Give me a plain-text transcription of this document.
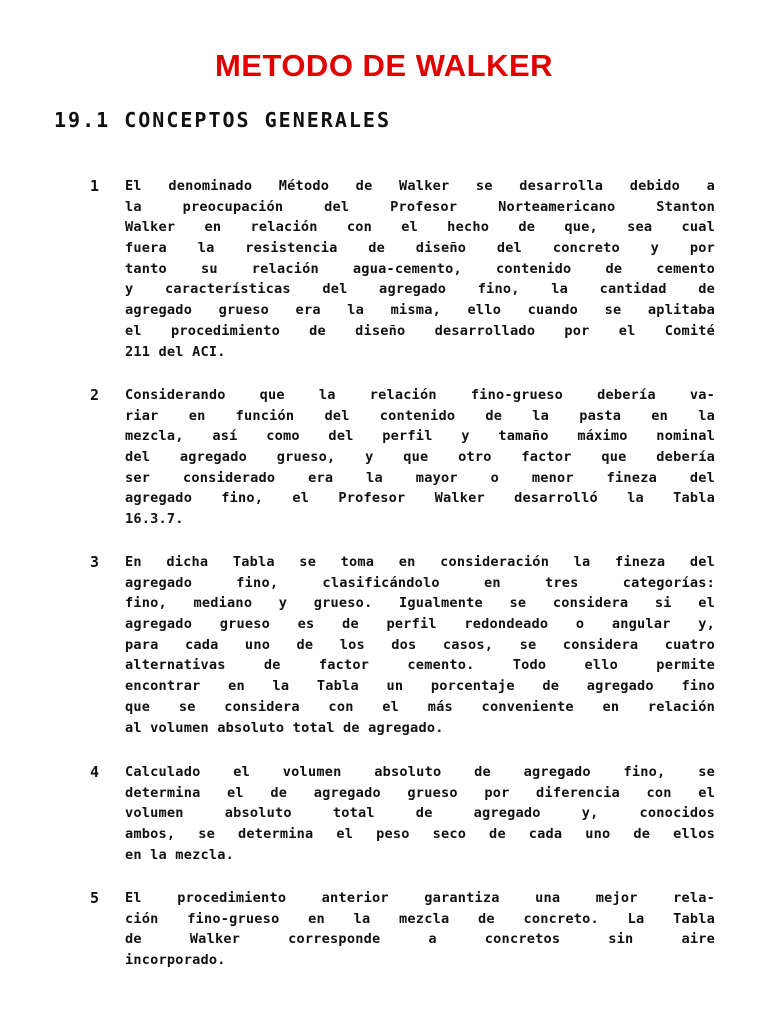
METODO DE WALKER
19.1 CONCEPTOS GENERALES
1 El denominado Método de Walker se desarrolla debido a
la preocupación del Profesor Norteamericano Stanton
Walker en relación con el hecho de que, sea cual
fuera la resistencia de diseño del concreto y por
tanto su relación agua-cemento, contenido de cemento
y características del agregado fino, la cantidad de
agregado grueso era la misma, ello cuando se aplitaba
el procedimiento de diseño desarrollado por el Comité
211 del ACI.
2 Considerando que la relación fino-grueso debería va-
riar en función del contenido de la pasta en la
mezcla, así como del perfil y tamaño máximo nominal
del agregado grueso, y que otro factor que debería
ser considerado era la mayor o menor fineza del
agregado fino, el Profesor Walker desarrolló la Tabla
16.3.7.
3 En dicha Tabla se toma en consideración la fineza del
agregado fino, clasificándolo en tres categorías:
fino, mediano y grueso. Igualmente se considera si el
agregado grueso es de perfil redondeado o angular y,
para cada uno de los dos casos, se considera cuatro
alternativas de factor cemento. Todo ello permite
encontrar en la Tabla un porcentaje de agregado fino
que se considera con el más conveniente en relación
al volumen absoluto total de agregado.
4 Calculado el volumen absoluto de agregado fino, se
determina el de agregado grueso por diferencia con el
volumen absoluto total de agregado y, conocidos
ambos, se determina el peso seco de cada uno de ellos
en la mezcla.
5 El procedimiento anterior garantiza una mejor rela-
ción fino-grueso en la mezcla de concreto. La Tabla
de Walker corresponde a concretos sin aire
incorporado.
